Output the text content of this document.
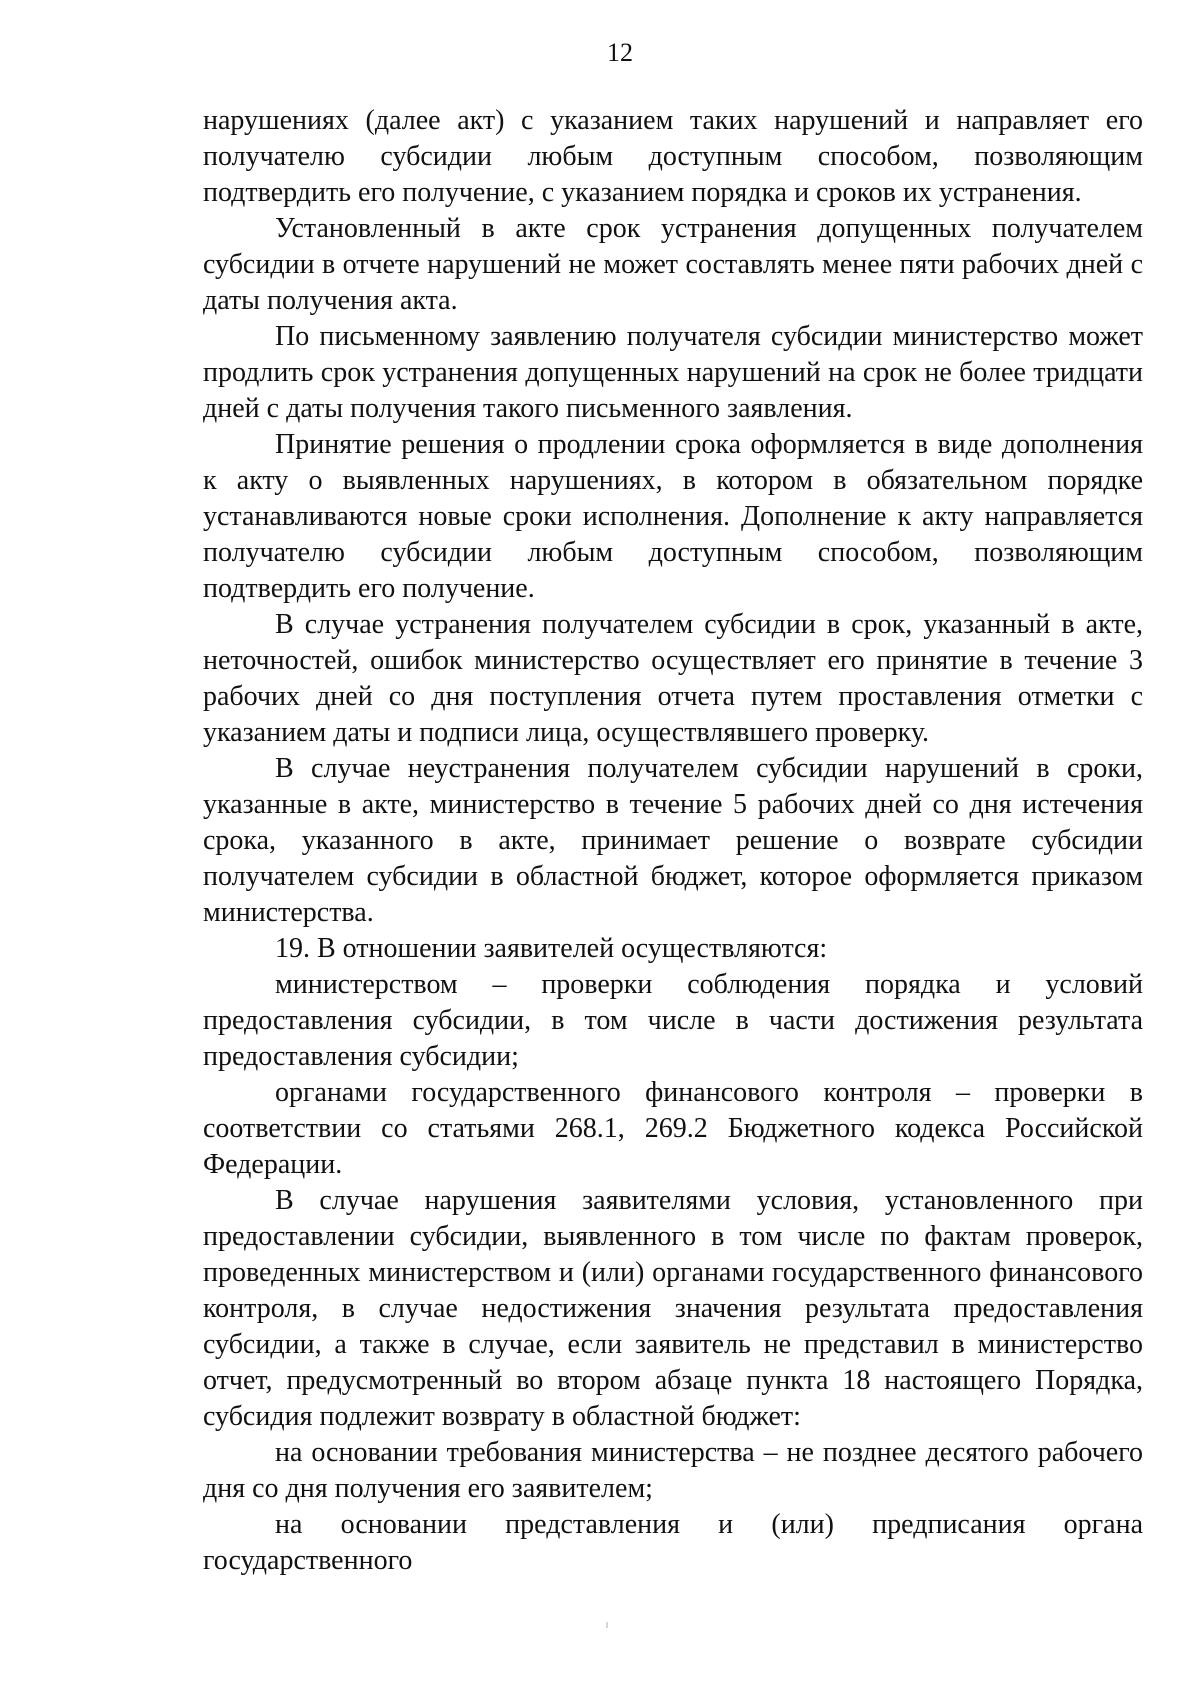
12

нарушениях (далее акт) с указанием таких нарушений и направляет его получателю субсидии любым доступным способом, позволяющим подтвердить его получение, с указанием порядка и сроков их устранения.

Установленный в акте срок устранения допущенных получателем субсидии в отчете нарушений не может составлять менее пяти рабочих дней с даты получения акта.

По письменному заявлению получателя субсидии министерство может продлить срок устранения допущенных нарушений на срок не более тридцати дней с даты получения такого письменного заявления.

Принятие решения о продлении срока оформляется в виде дополнения к акту о выявленных нарушениях, в котором в обязательном порядке устанавливаются новые сроки исполнения. Дополнение к акту направляется получателю субсидии любым доступным способом, позволяющим подтвердить его получение.

В случае устранения получателем субсидии в срок, указанный в акте, неточностей, ошибок министерство осуществляет его принятие в течение 3 рабочих дней со дня поступления отчета путем проставления отметки с указанием даты и подписи лица, осуществлявшего проверку.

В случае неустранения получателем субсидии нарушений в сроки, указанные в акте, министерство в течение 5 рабочих дней со дня истечения срока, указанного в акте, принимает решение о возврате субсидии получателем субсидии в областной бюджет, которое оформляется приказом министерства.

19. В отношении заявителей осуществляются:

министерством – проверки соблюдения порядка и условий предоставления субсидии, в том числе в части достижения результата предоставления субсидии;

органами государственного финансового контроля – проверки в соответствии со статьями 268.1, 269.2 Бюджетного кодекса Российской Федерации.

В случае нарушения заявителями условия, установленного при предоставлении субсидии, выявленного в том числе по фактам проверок, проведенных министерством и (или) органами государственного финансового контроля, в случае недостижения значения результата предоставления субсидии, а также в случае, если заявитель не представил в министерство отчет, предусмотренный во втором абзаце пункта 18 настоящего Порядка, субсидия подлежит возврату в областной бюджет:

на основании требования министерства – не позднее десятого рабочего дня со дня получения его заявителем;

на основании представления и (или) предписания органа государственного
